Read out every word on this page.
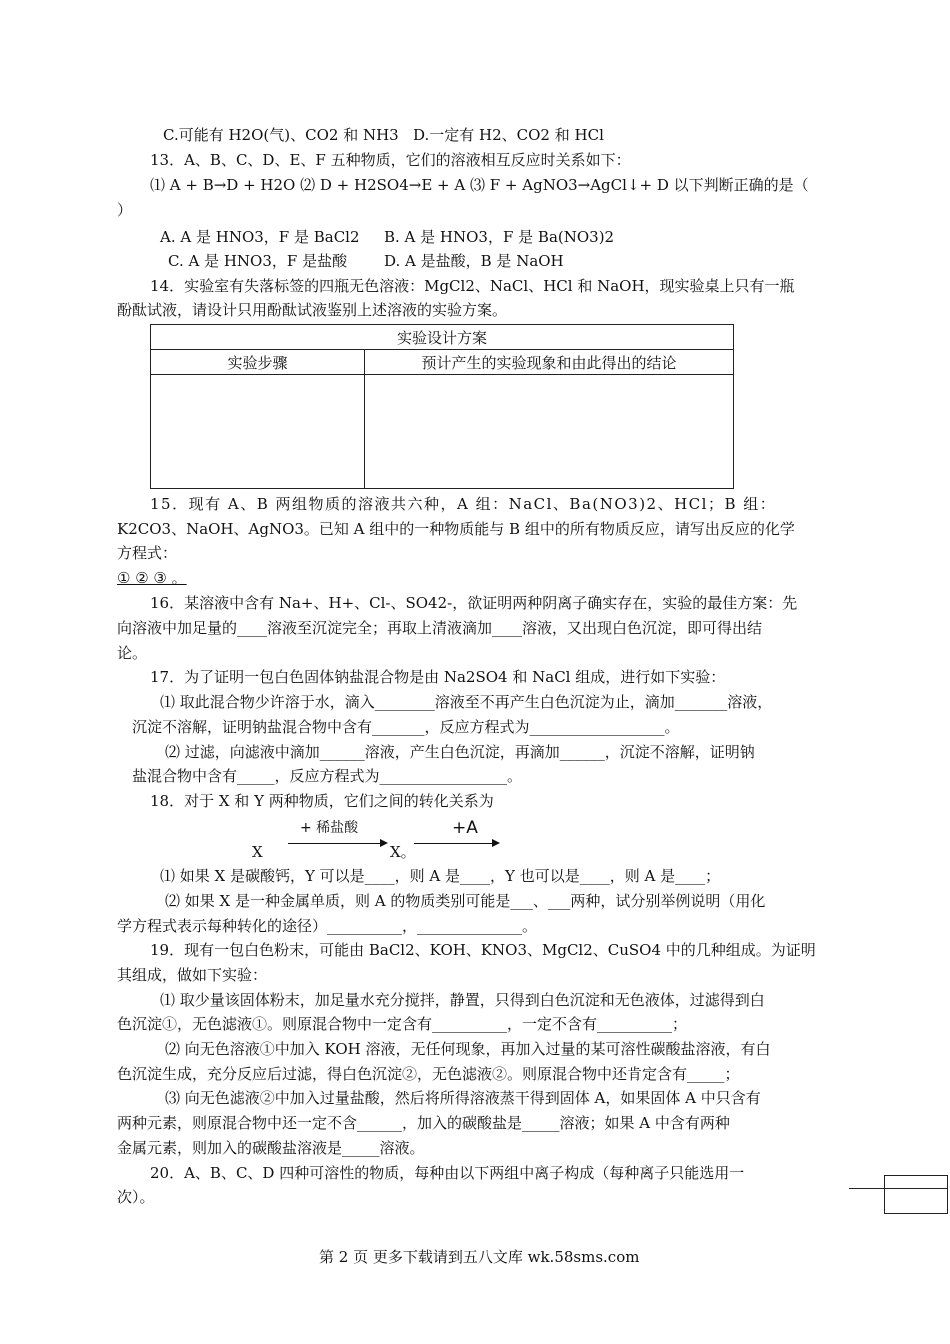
C.可能有 H2O(气)、CO2 和 NH3 D.一定有 H2、CO2 和 HCl
13．A、B、C、D、E、F 五种物质，它们的溶液相互反应时关系如下：
⑴ A + B→D + H2O ⑵ D + H2SO4→E + A ⑶ F + AgNO3→AgCl↓+ D 以下判断正确的是（
）
A. A 是 HNO3，F 是 BaCl2 B. A 是 HNO3，F 是 Ba(NO3)2
C. A 是 HNO3，F 是盐酸 D. A 是盐酸，B 是 NaOH
14．实验室有失落标签的四瓶无色溶液：MgCl2、NaCl、HCl 和 NaOH，现实验桌上只有一瓶
酚酞试液，请设计只用酚酞试液鉴别上述溶液的实验方案。
实验设计方案	
实验步骤	预计产生的实验现象和由此得出的结论

15．现有 A、B 两组物质的溶液共六种，A 组：NaCl、Ba(NO3)2、HCl；B 组：
K2CO3、NaOH、AgNO3。已知 A 组中的一种物质能与 B 组中的所有物质反应，请写出反应的化学
方程式：
① ② ③ 。
16．某溶液中含有 Na+、H+、Cl-、SO42-，欲证明两种阴离子确实存在，实验的最佳方案：先
向溶液中加足量的____溶液至沉淀完全；再取上清液滴加____溶液，又出现白色沉淀，即可得出结
论。
17．为了证明一包白色固体钠盐混合物是由 Na2SO4 和 NaCl 组成，进行如下实验：
⑴ 取此混合物少许溶于水，滴入________溶液至不再产生白色沉淀为止，滴加_______溶液，
沉淀不溶解，证明钠盐混合物中含有_______，反应方程式为__________________。
⑵ 过滤，向滤液中滴加______溶液，产生白色沉淀，再滴加______，沉淀不溶解，证明钠
盐混合物中含有_____，反应方程式为_________________。
18．对于 X 和 Y 两种物质，它们之间的转化关系为
+ 稀盐酸	+A
X	X。
⑴ 如果 X 是碳酸钙，Y 可以是____，则 A 是____，Y 也可以是____，则 A 是____；
⑵ 如果 X 是一种金属单质，则 A 的物质类别可能是___、___两种，试分别举例说明（用化
学方程式表示每种转化的途径）__________，______________。
19．现有一包白色粉末，可能由 BaCl2、KOH、KNO3、MgCl2、CuSO4 中的几种组成。为证明
其组成，做如下实验：
⑴ 取少量该固体粉末，加足量水充分搅拌，静置，只得到白色沉淀和无色液体，过滤得到白
色沉淀①，无色滤液①。则原混合物中一定含有__________，一定不含有__________；
⑵ 向无色溶液①中加入 KOH 溶液，无任何现象，再加入过量的某可溶性碳酸盐溶液，有白
色沉淀生成，充分反应后过滤，得白色沉淀②，无色滤液②。则原混合物中还肯定含有_____；
⑶ 向无色滤液②中加入过量盐酸，然后将所得溶液蒸干得到固体 A，如果固体 A 中只含有
两种元素，则原混合物中还一定不含______，加入的碳酸盐是_____溶液；如果 A 中含有两种
金属元素，则加入的碳酸盐溶液是_____溶液。
20．A、B、C、D 四种可溶性的物质，每种由以下两组中离子构成（每种离子只能选用一
次）。
第 2 页 更多下载请到五八文库 wk.58sms.com
